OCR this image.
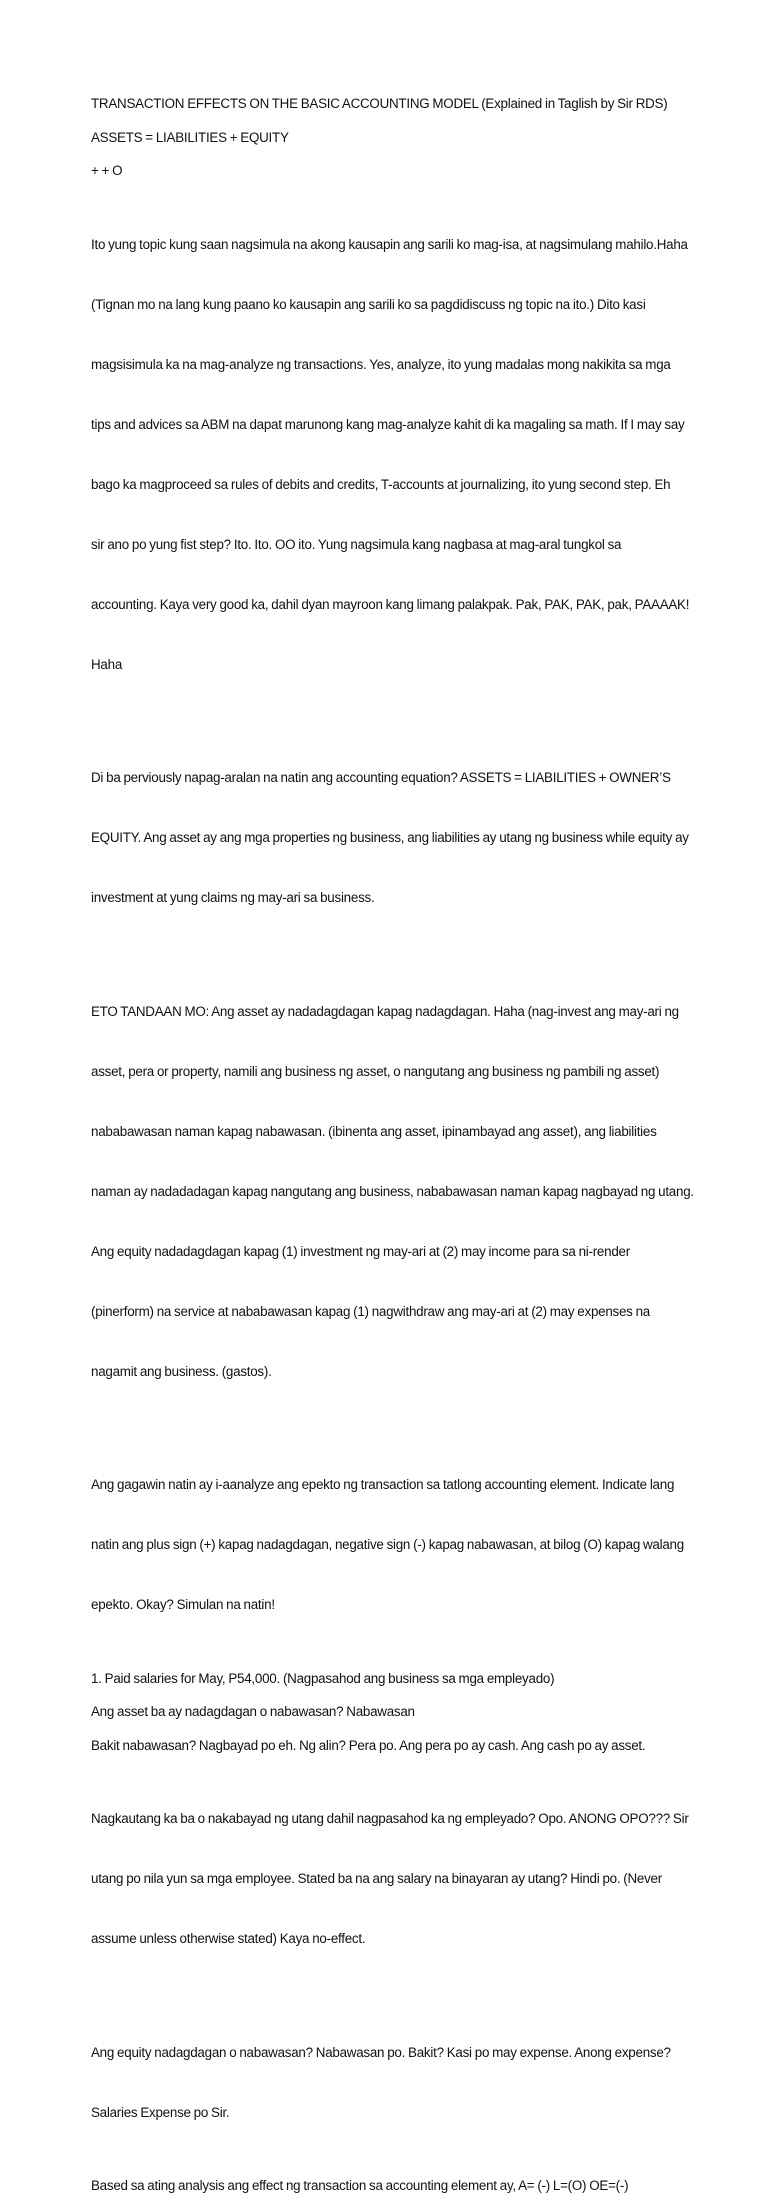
TRANSACTION EFFECTS ON THE BASIC ACCOUNTING MODEL (Explained in Taglish by Sir RDS)

ASSETS = LIABILITIES + EQUITY

+ + O

Ito yung topic kung saan nagsimula na akong kausapin ang sarili ko mag-isa, at nagsimulang mahilo.Haha

(Tignan mo na lang kung paano ko kausapin ang sarili ko sa pagdidiscuss ng topic na ito.) Dito kasi

magsisimula ka na mag-analyze ng transactions. Yes, analyze, ito yung madalas mong nakikita sa mga

tips and advices sa ABM na dapat marunong kang mag-analyze kahit di ka magaling sa math. If I may say

bago ka magproceed sa rules of debits and credits, T-accounts at journalizing, ito yung second step. Eh

sir ano po yung fist step? Ito. Ito. OO ito. Yung nagsimula kang nagbasa at mag-aral tungkol sa

accounting. Kaya very good ka, dahil dyan mayroon kang limang palakpak. Pak, PAK, PAK, pak, PAAAAK!

Haha

Di ba perviously napag-aralan na natin ang accounting equation? ASSETS = LIABILITIES + OWNER’S

EQUITY. Ang asset ay ang mga properties ng business, ang liabilities ay utang ng business while equity ay

investment at yung claims ng may-ari sa business.

ETO TANDAAN MO: Ang asset ay nadadagdagan kapag nadagdagan. Haha (nag-invest ang may-ari ng

asset, pera or property, namili ang business ng asset, o nangutang ang business ng pambili ng asset)

nababawasan naman kapag nabawasan. (ibinenta ang asset, ipinambayad ang asset), ang liabilities

naman ay nadadadagan kapag nangutang ang business, nababawasan naman kapag nagbayad ng utang.

Ang equity nadadagdagan kapag (1) investment ng may-ari at (2) may income para sa ni-render

(pinerform) na service at nababawasan kapag (1) nagwithdraw ang may-ari at (2) may expenses na

nagamit ang business. (gastos).

Ang gagawin natin ay i-aanalyze ang epekto ng transaction sa tatlong accounting element. Indicate lang

natin ang plus sign (+) kapag nadagdagan, negative sign (-) kapag nabawasan, at bilog (O) kapag walang

epekto. Okay? Simulan na natin!

1. Paid salaries for May, P54,000. (Nagpasahod ang business sa mga empleyado)

Ang asset ba ay nadagdagan o nabawasan? Nabawasan

Bakit nabawasan? Nagbayad po eh. Ng alin? Pera po. Ang pera po ay cash. Ang cash po ay asset.

Nagkautang ka ba o nakabayad ng utang dahil nagpasahod ka ng empleyado? Opo. ANONG OPO??? Sir

utang po nila yun sa mga employee. Stated ba na ang salary na binayaran ay utang? Hindi po. (Never

assume unless otherwise stated) Kaya no-effect.

Ang equity nadagdagan o nabawasan? Nabawasan po. Bakit? Kasi po may expense. Anong expense?

Salaries Expense po Sir.

Based sa ating analysis ang effect ng transaction sa accounting element ay, A= (-) L=(O) OE=(-)
